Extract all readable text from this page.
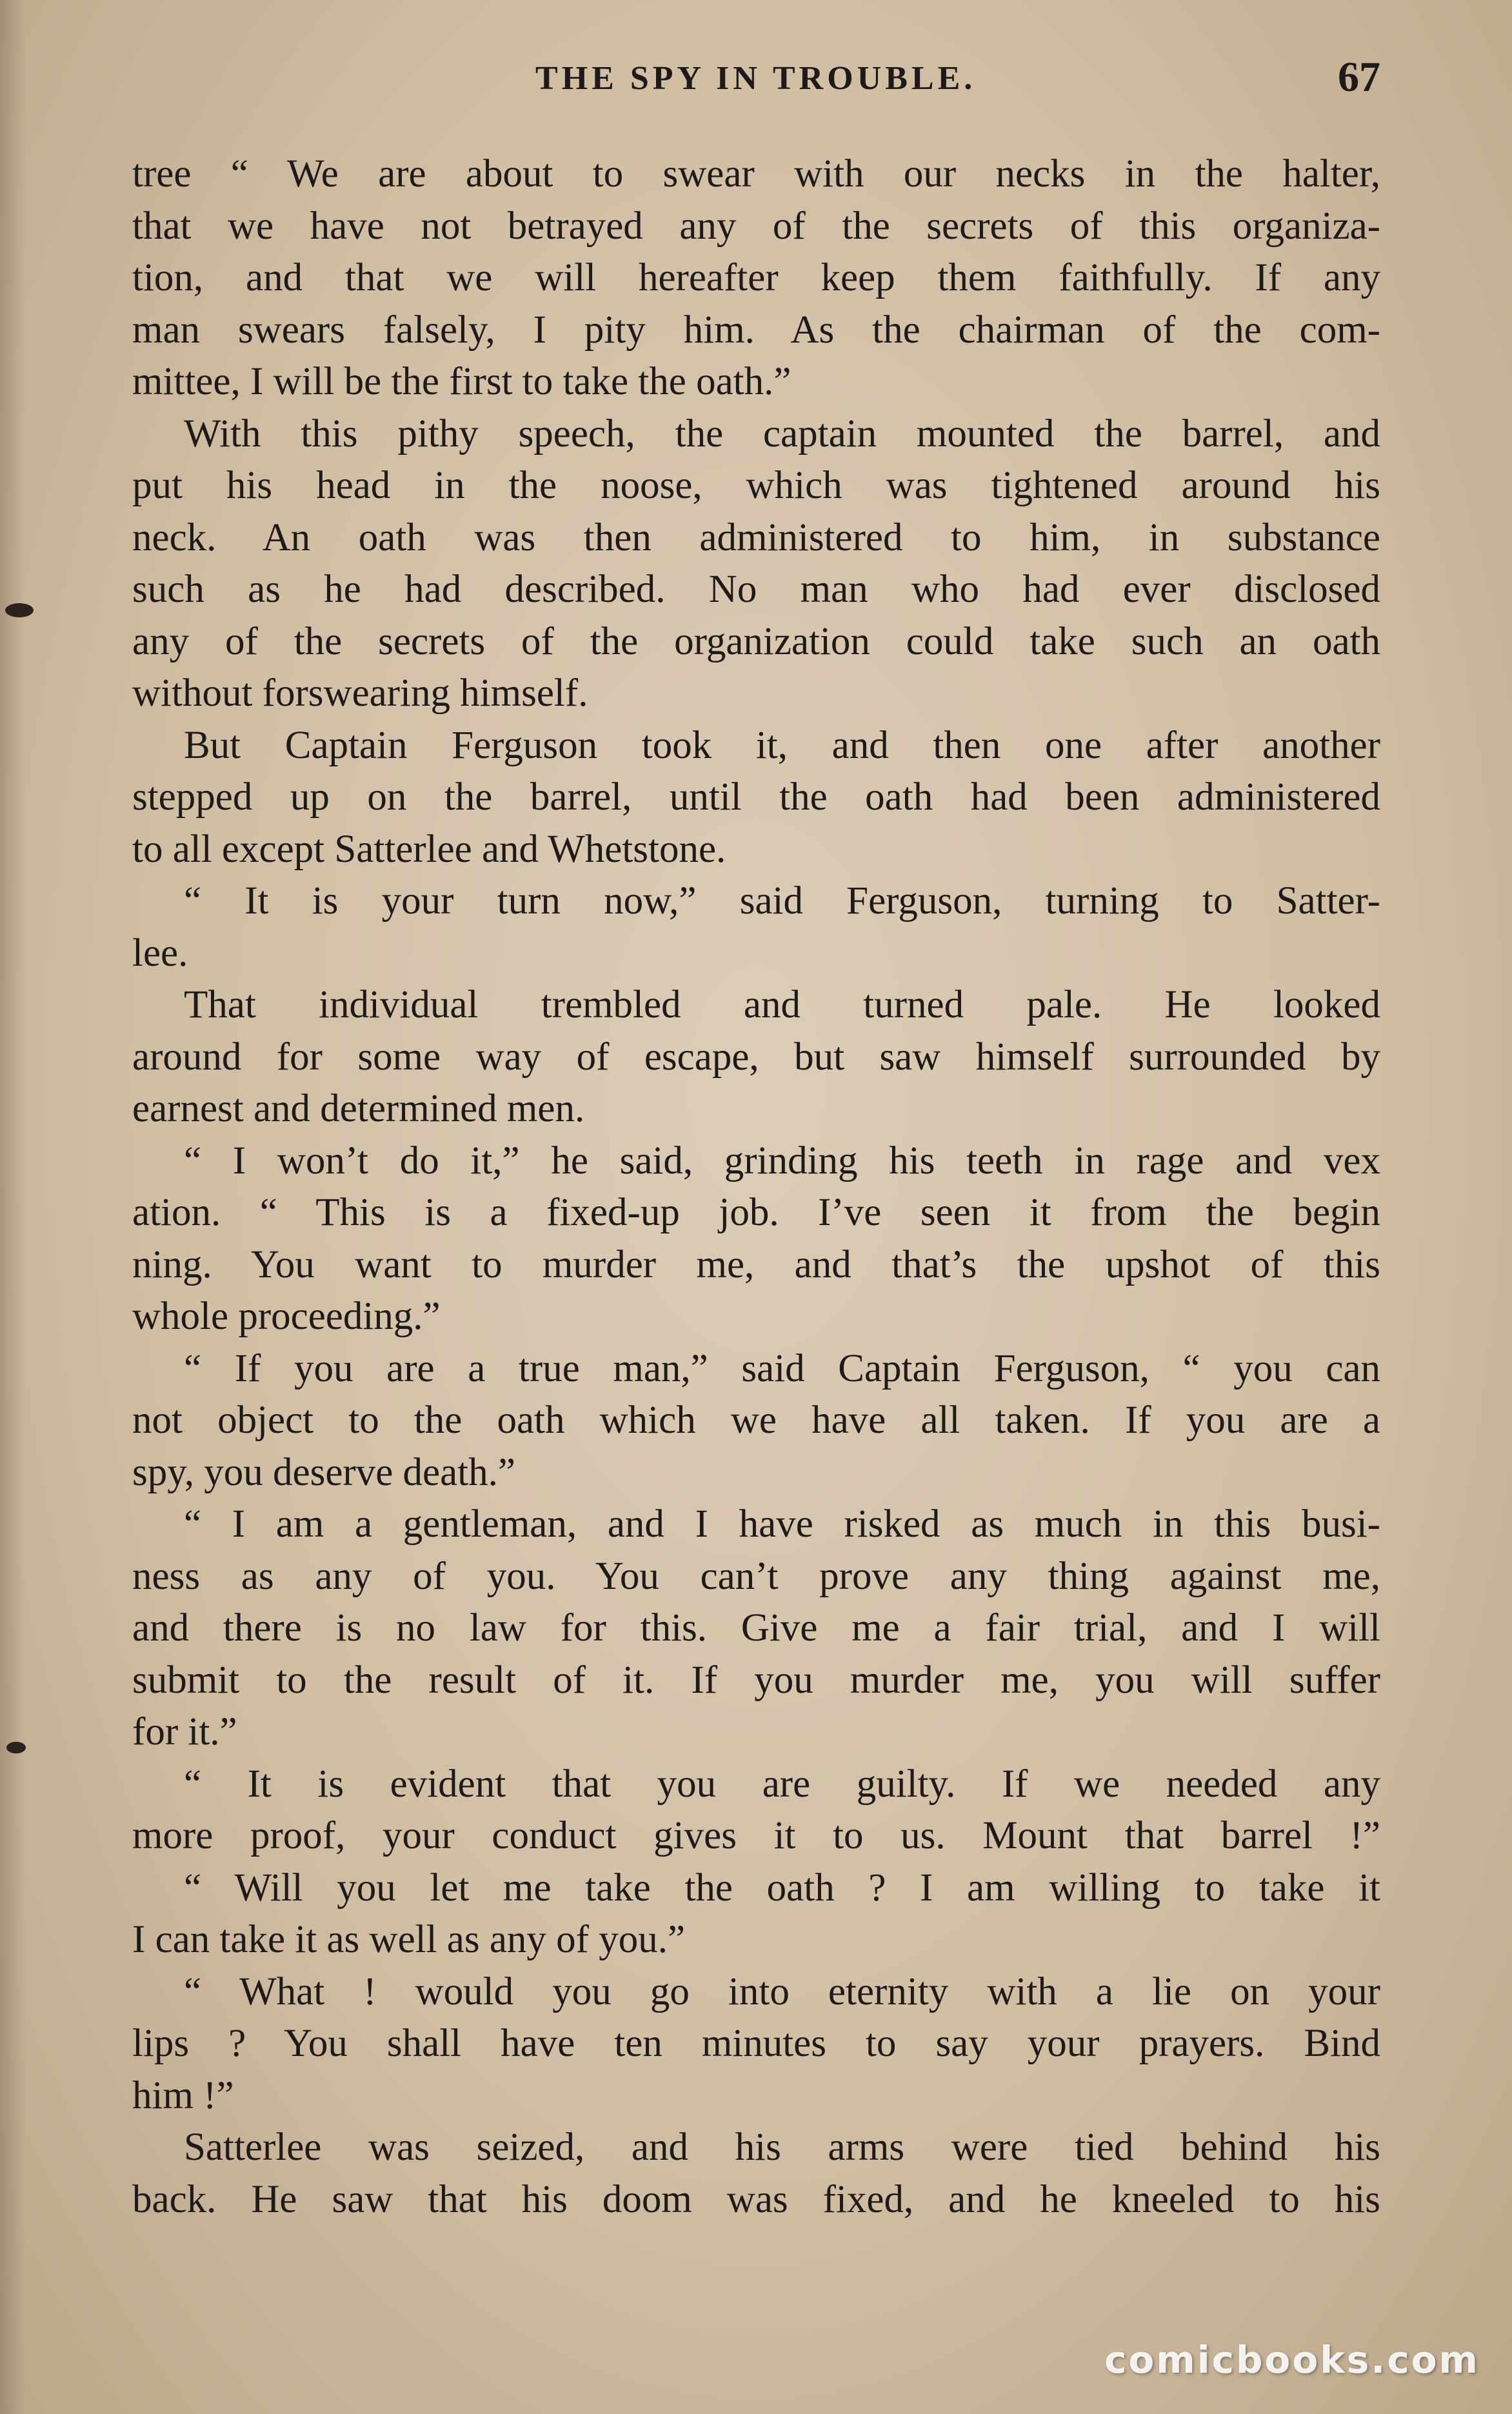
THE SPY IN TROUBLE.	67
tree “ We are about to swear with our necks in the halter,
that we have not betrayed any of the secrets of this organiza-
tion, and that we will hereafter keep them faithfully. If any
man swears falsely, I pity him. As the chairman of the com-
mittee, I will be the first to take the oath.”
With this pithy speech, the captain mounted the barrel, and
put his head in the noose, which was tightened around his
neck. An oath was then administered to him, in substance
such as he had described. No man who had ever disclosed
any of the secrets of the organization could take such an oath
without forswearing himself.
But Captain Ferguson took it, and then one after another
stepped up on the barrel, until the oath had been administered
to all except Satterlee and Whetstone.
“ It is your turn now,” said Ferguson, turning to Satter-
lee.
That individual trembled and turned pale. He looked
around for some way of escape, but saw himself surrounded by
earnest and determined men.
“ I won’t do it,” he said, grinding his teeth in rage and vex
ation. “ This is a fixed-up job. I’ve seen it from the begin
ning. You want to murder me, and that’s the upshot of this
whole proceeding.”
“ If you are a true man,” said Captain Ferguson, “ you can
not object to the oath which we have all taken. If you are a
spy, you deserve death.”
“ I am a gentleman, and I have risked as much in this busi-
ness as any of you. You can’t prove any thing against me,
and there is no law for this. Give me a fair trial, and I will
submit to the result of it. If you murder me, you will suffer
for it.”
“ It is evident that you are guilty. If we needed any
more proof, your conduct gives it to us. Mount that barrel !”
“ Will you let me take the oath ? I am willing to take it
I can take it as well as any of you.”
“ What ! would you go into eternity with a lie on your
lips ? You shall have ten minutes to say your prayers. Bind
him !”
Satterlee was seized, and his arms were tied behind his
back. He saw that his doom was fixed, and he kneeled to his
comicbooks.com
